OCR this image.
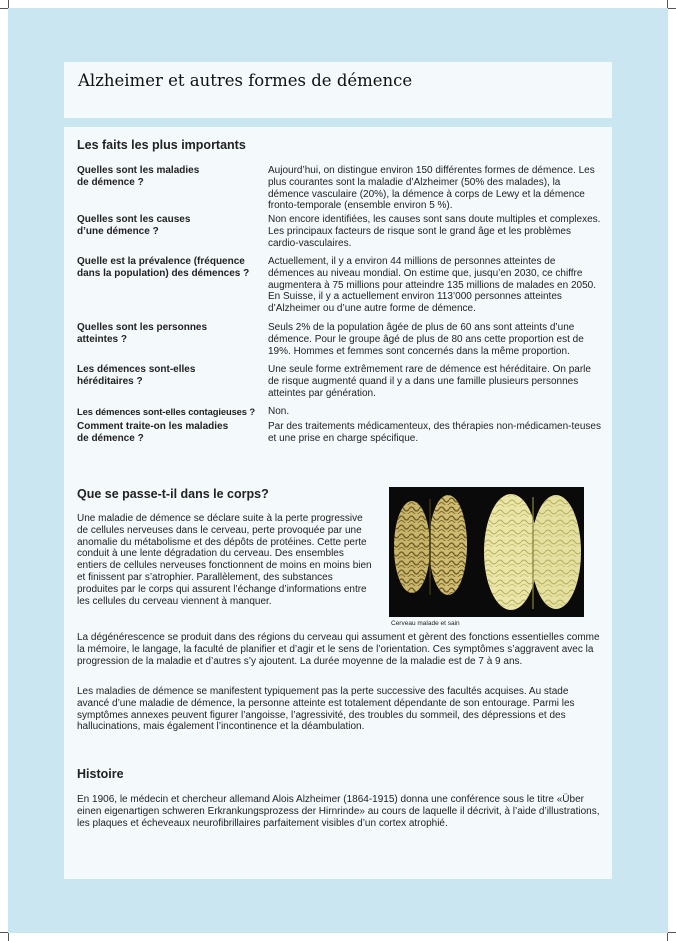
Alzheimer et autres formes de démence
Les faits les plus importants
Quelles sont les maladies
de démence ?
Aujourd’hui, on distingue environ 150 différentes formes de démence. Les plus courantes sont la maladie d’Alzheimer (50% des malades), la démence vasculaire (20%), la démence à corps de Lewy et la démence fronto-temporale (ensemble environ 5 %).
Quelles sont les causes
d’une démence ?
Non encore identifiées, les causes sont sans doute multiples et complexes. Les principaux facteurs de risque sont le grand âge et les problèmes cardio-vasculaires.
Quelle est la prévalence (fréquence dans la population) des démences ?
Actuellement, il y a environ 44 millions de personnes atteintes de démences au niveau mondial. On estime que, jusqu’en 2030, ce chiffre augmentera à 75 millions pour atteindre 135 millions de malades en 2050. En Suisse, il y a actuellement environ 113’000 personnes atteintes d’Alzheimer ou d’une autre forme de démence.
Quelles sont les personnes
atteintes ?
Seuls 2% de la population âgée de plus de 60 ans sont atteints d’une démence. Pour le groupe âgé de plus de 80 ans cette proportion est de 19%. Hommes et femmes sont concernés dans la même proportion.
Les démences sont-elles
héréditaires ?
Une seule forme extrêmement rare de démence est héréditaire. On parle de risque augmenté quand il y a dans une famille plusieurs personnes atteintes par génération.
Les démences sont-elles contagieuses ?	Non.
Comment traite-on les maladies
de démence ?
Par des traitements médicamenteux, des thérapies non-médicamen-teuses et une prise en charge spécifique.
Que se passe-t-il dans le corps?

Une maladie de démence se déclare suite à la perte progressive de cellules nerveuses dans le cerveau, perte provoquée par une anomalie du métabolisme et des dépôts de protéines. Cette perte conduit à une lente dégradation du cerveau. Des ensembles entiers de cellules nerveuses fonctionnent de moins en moins bien et finissent par s’atrophier. Parallèlement, des substances produites par le corps qui assurent l’échange d’informations entre les cellules du cerveau viennent à manquer.

Cerveau malade et sain

La dégénérescence se produit dans des régions du cerveau qui assument et gèrent des fonctions essentielles comme la mémoire, le langage, la faculté de planifier et d’agir et le sens de l’orientation. Ces symptômes s’aggravent avec la progression de la maladie et d’autres s’y ajoutent. La durée moyenne de la maladie est de 7 à 9 ans.

Les maladies de démence se manifestent typiquement pas la perte successive des facultés acquises. Au stade avancé d’une maladie de démence, la personne atteinte est totalement dépendante de son entourage. Parmi les symptômes annexes peuvent figurer l’angoisse, l’agressivité, des troubles du sommeil, des dépressions et des hallucinations, mais également l’incontinence et la déambulation.

Histoire

En 1906, le médecin et chercheur allemand Alois Alzheimer (1864-1915) donna une conférence sous le titre «Über einen eigenartigen schweren Erkrankungsprozess der Hirnrinde» au cours de laquelle il décrivit, à l’aide d’illustrations, les plaques et écheveaux neurofibrillaires parfaitement visibles d’un cortex atrophié.
